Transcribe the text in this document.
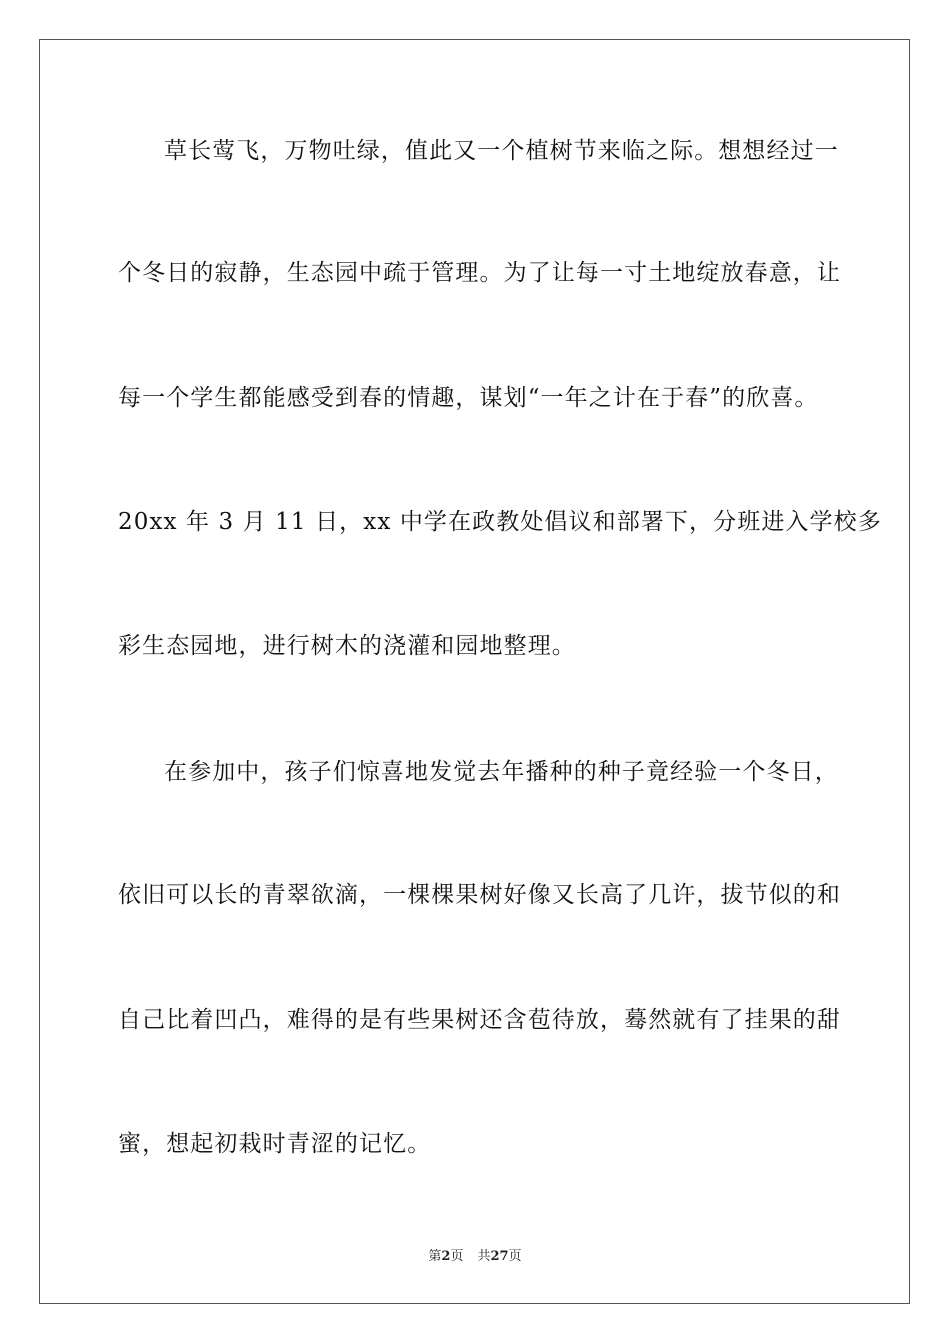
草长莺飞，万物吐绿，值此又一个植树节来临之际。想想经过一
个冬日的寂静，生态园中疏于管理。为了让每一寸土地绽放春意，让
每一个学生都能感受到春的情趣，谋划“一年之计在于春”的欣喜。
20xx 年 3 月 11 日，xx 中学在政教处倡议和部署下，分班进入学校多
彩生态园地，进行树木的浇灌和园地整理。
在参加中，孩子们惊喜地发觉去年播种的种子竟经验一个冬日，
依旧可以长的青翠欲滴，一棵棵果树好像又长高了几许，拔节似的和
自己比着凹凸，难得的是有些果树还含苞待放，蓦然就有了挂果的甜
蜜，想起初栽时青涩的记忆。
第2页 共27页
